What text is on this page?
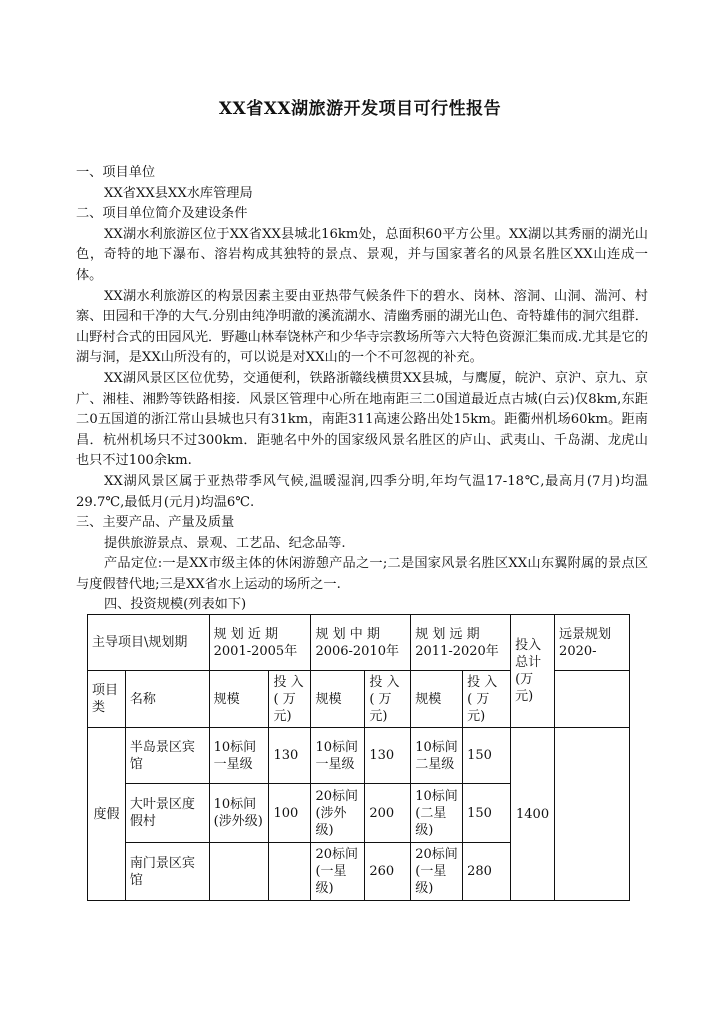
XX省XX湖旅游开发项目可行性报告

一、项目单位

XX省XX县XX水库管理局

二、项目单位简介及建设条件

XX湖水利旅游区位于XX省XX县城北16km处，总面积60平方公里。XX湖以其秀丽的湖光山色，奇特的地下瀑布、溶岩构成其独特的景点、景观，并与国家著名的风景名胜区XX山连成一体。

XX湖水利旅游区的构景因素主要由亚热带气候条件下的碧水、岗林、溶洞、山洞、湍河、村寨、田园和干净的大气.分别由纯净明澈的溪流湖水、清幽秀丽的湖光山色、奇特雄伟的洞穴组群．山野村合式的田园风光．野趣山林奉饶林产和少华寺宗教场所等六大特色资源汇集而成.尤其是它的湖与洞，是XX山所没有的，可以说是对XX山的一个不可忽视的补充。

XX湖风景区区位优势，交通便利，铁路浙赣线横贯XX县城，与鹰厦，皖沪、京沪、京九、京广、湘桂、湘黔等铁路相接．风景区管理中心所在地南距三二0国道最近点古城(白云)仅8km,东距二0五国道的浙江常山县城也只有31km，南距311高速公路出处15km。距衢州机场60km。距南昌．杭州机场只不过300km．距驰名中外的国家级风景名胜区的庐山、武夷山、千岛湖、龙虎山也只不过100余km.

XX湖风景区属于亚热带季风气候,温暖湿润,四季分明,年均气温17-18℃,最高月(7月)均温29.7℃,最低月(元月)均温6℃.

三、主要产品、产量及质量

提供旅游景点、景观、工艺品、纪念品等.

产品定位:一是XX市级主体的休闲游憩产品之一;二是国家风景名胜区XX山东翼附属的景点区与度假替代地;三是XX省水上运动的场所之一.

四、投资规模(列表如下)

主导项目\规划期		规 划 近 期 2001-2005年		规 划 中 期 2006-2010年		规 划 远 期 2011-2020年		投入总计(万元)	远景规划2020-
项目类	名称	规模	投 入 ( 万元)	规模	投 入 ( 万元)	规模	投 入 ( 万元)		
度假	半岛景区宾馆	10标间一星级	130	10标间一星级	130	10标间二星级	150	1400	
	大叶景区度假村	10标间(涉外级)	100	20标间(涉外级)	200	10标间(二星级)	150		
	南门景区宾馆			20标间(一星级)	260	20标间(一星级)	280		
